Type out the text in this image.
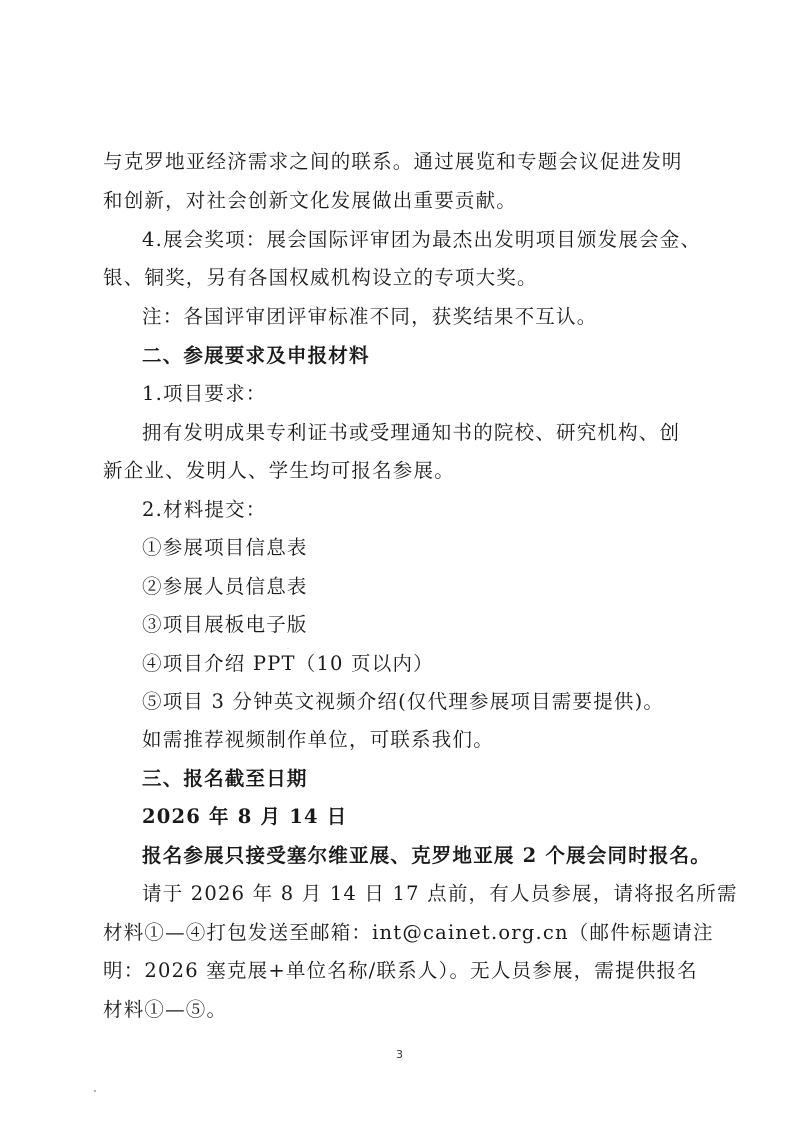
与克罗地亚经济需求之间的联系。通过展览和专题会议促进发明
和创新，对社会创新文化发展做出重要贡献。
4.展会奖项：展会国际评审团为最杰出发明项目颁发展会金、
银、铜奖，另有各国权威机构设立的专项大奖。
注：各国评审团评审标准不同，获奖结果不互认。
二、参展要求及申报材料
1.项目要求：
拥有发明成果专利证书或受理通知书的院校、研究机构、创
新企业、发明人、学生均可报名参展。
2.材料提交：
①参展项目信息表
②参展人员信息表
③项目展板电子版
④项目介绍 PPT（10 页以内）
⑤项目 3 分钟英文视频介绍(仅代理参展项目需要提供)。
如需推荐视频制作单位，可联系我们。
三、报名截至日期
2026 年 8 月 14 日
报名参展只接受塞尔维亚展、克罗地亚展 2 个展会同时报名。
请于 2026 年 8 月 14 日 17 点前，有人员参展，请将报名所需
材料①—④打包发送至邮箱：int@cainet.org.cn（邮件标题请注
明：2026 塞克展+单位名称/联系人）。无人员参展，需提供报名
材料①—⑤。
3
